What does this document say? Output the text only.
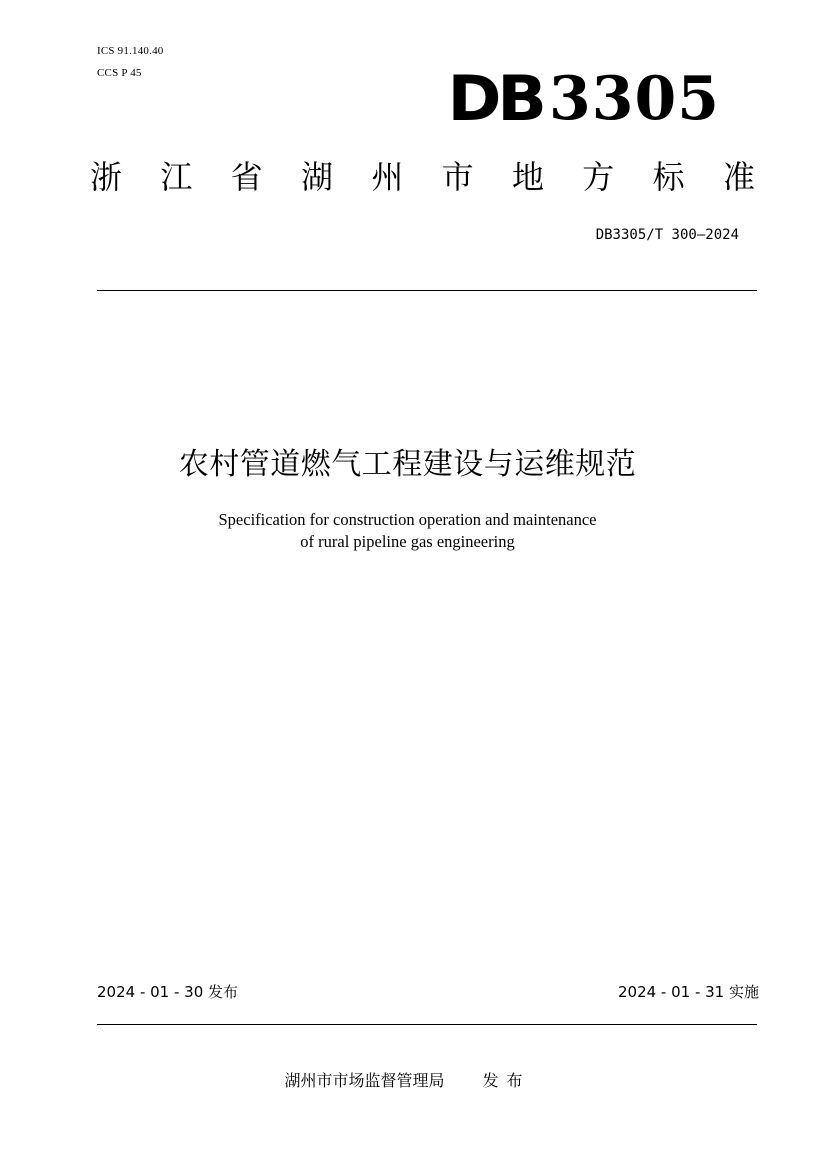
ICS 91.140.40
CCS P 45	DB 3305
浙 江 省 湖 州 市 地 方 标 准
DB3305/T 300—2024
农村管道燃气工程建设与运维规范
Specification for construction operation and maintenance
of rural pipeline gas engineering
2024 - 01 - 30 发布	2024 - 01 - 31 实施
湖州市市场监督管理局 发布
